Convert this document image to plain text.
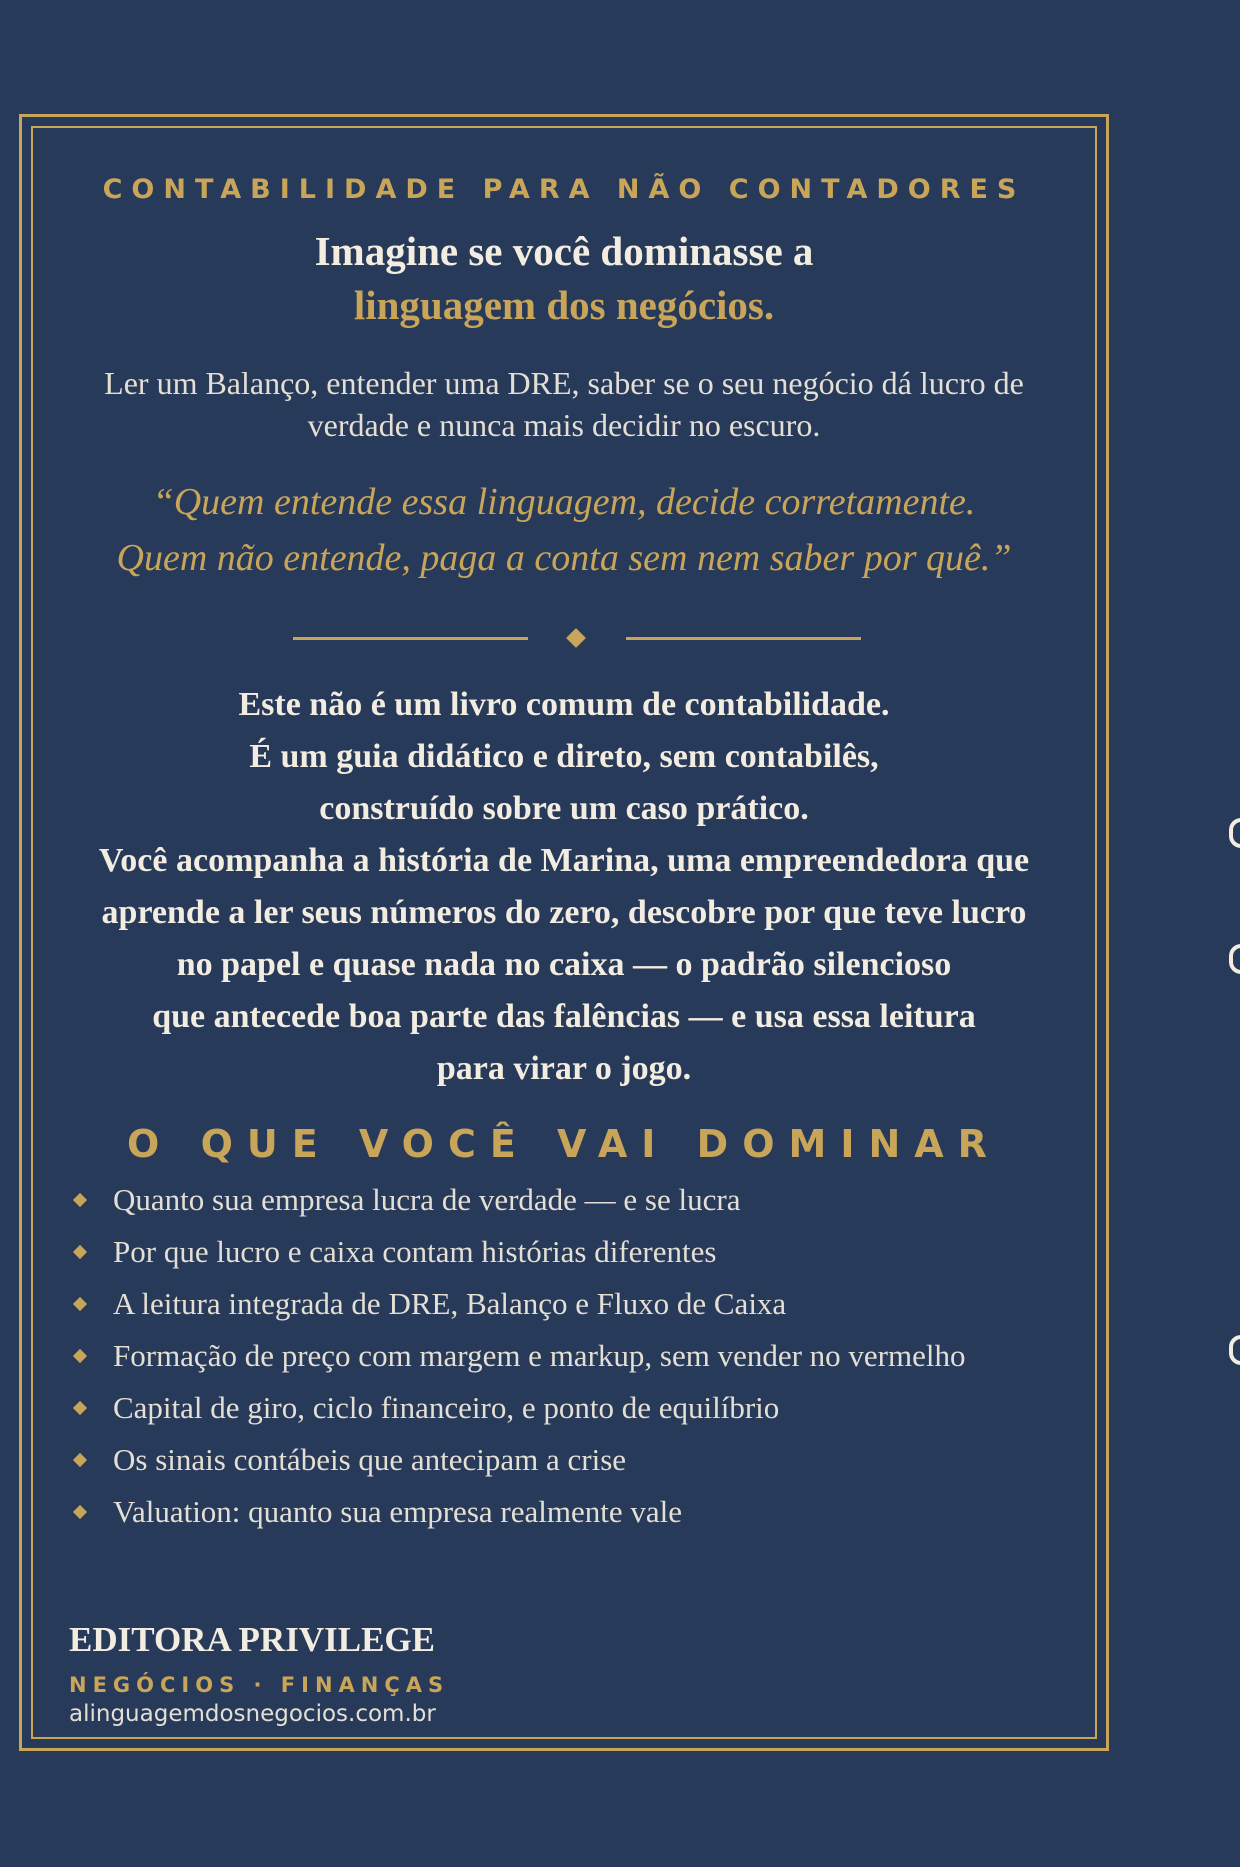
CONTABILIDADE PARA NÃO CONTADORES
Imagine se você dominasse a
linguagem dos negócios.
Ler um Balanço, entender uma DRE, saber se o seu negócio dá lucro de verdade e nunca mais decidir no escuro.
“Quem entende essa linguagem, decide corretamente.
Quem não entende, paga a conta sem nem saber por quê.”
Este não é um livro comum de contabilidade.
É um guia didático e direto, sem contabilês,
construído sobre um caso prático.
Você acompanha a história de Marina, uma empreendedora que
aprende a ler seus números do zero, descobre por que teve lucro
no papel e quase nada no caixa — o padrão silencioso
que antecede boa parte das falências — e usa essa leitura
para virar o jogo.
O QUE VOCÊ VAI DOMINAR
Quanto sua empresa lucra de verdade — e se lucra
Por que lucro e caixa contam histórias diferentes
A leitura integrada de DRE, Balanço e Fluxo de Caixa
Formação de preço com margem e markup, sem vender no vermelho
Capital de giro, ciclo financeiro, e ponto de equilíbrio
Os sinais contábeis que antecipam a crise
Valuation: quanto sua empresa realmente vale
EDITORA PRIVILEGE
NEGÓCIOS · FINANÇAS
alinguagemdosnegocios.com.br
